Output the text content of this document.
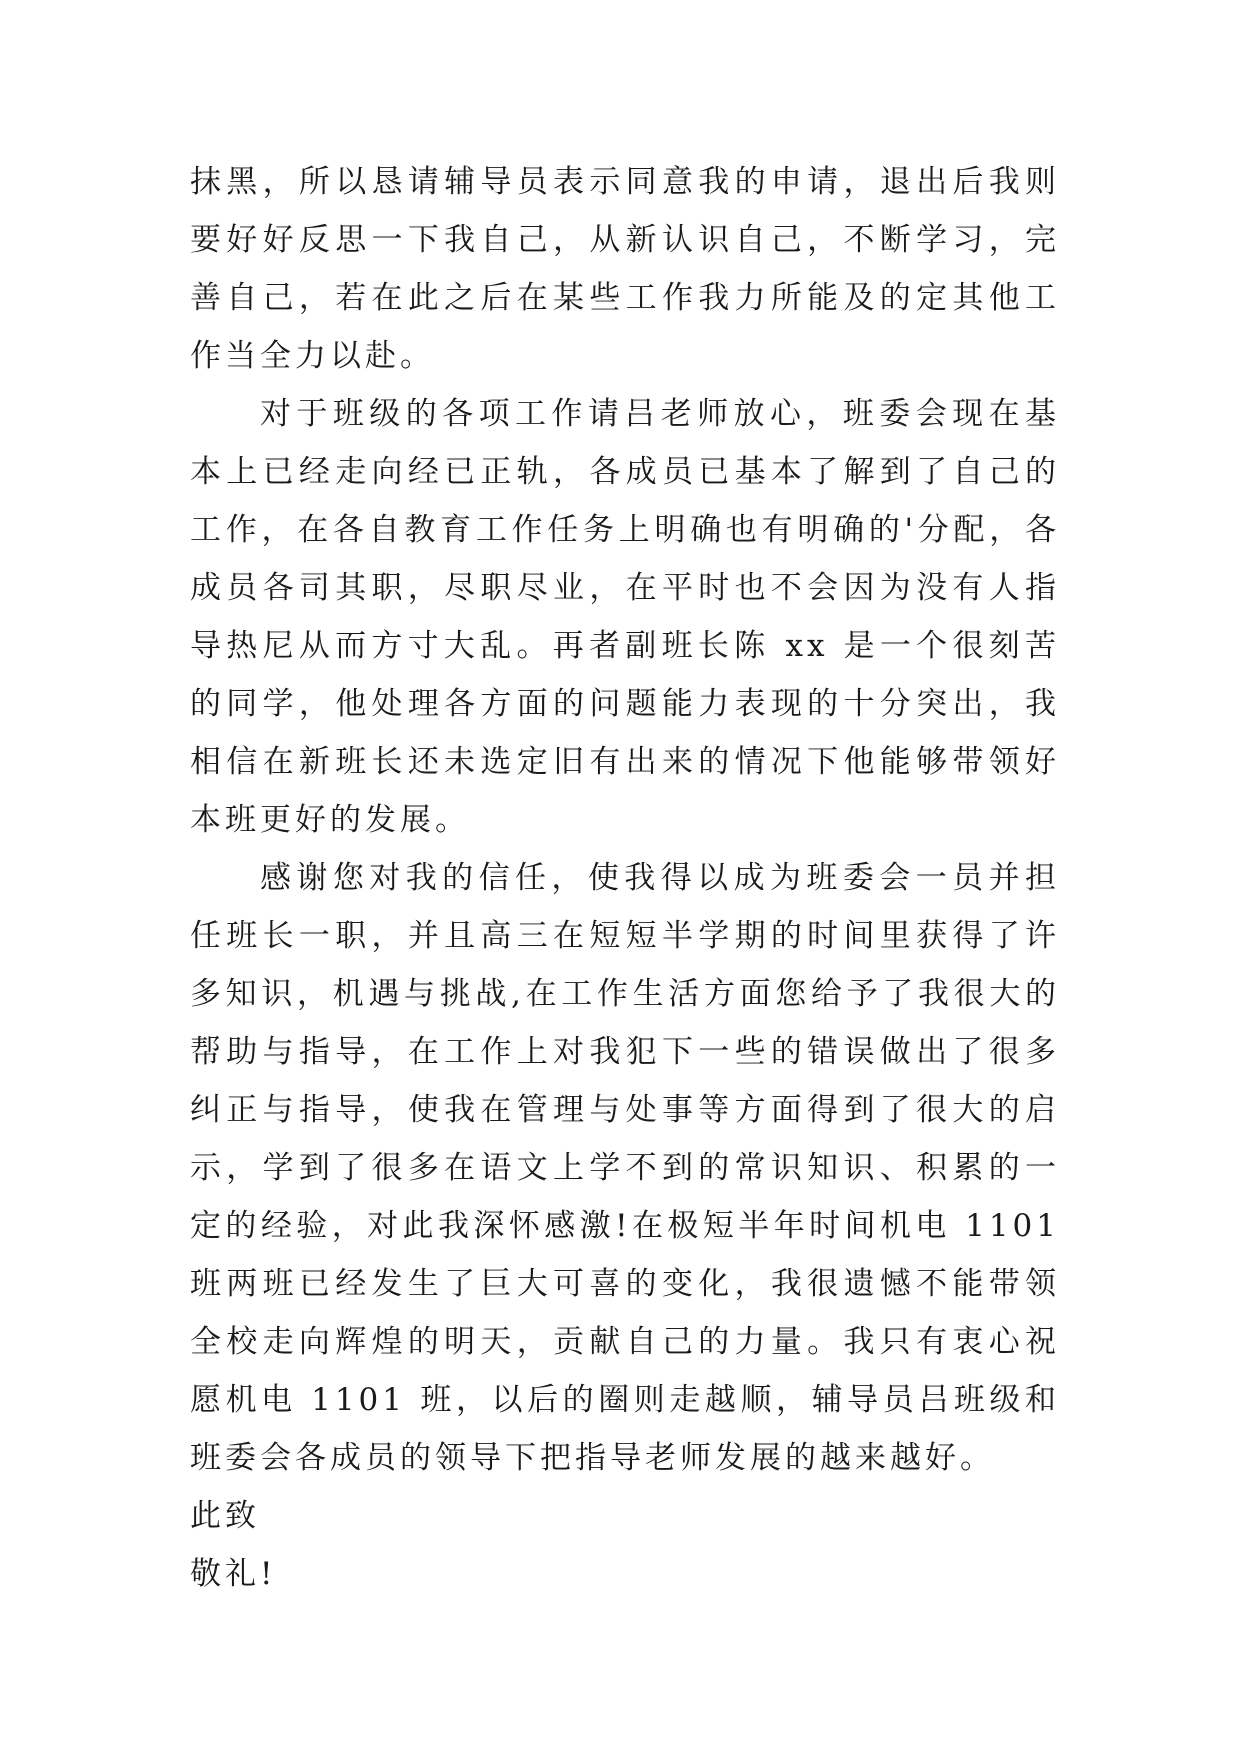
抹黑，所以恳请辅导员表示同意我的申请，退出后我则要好好反思一下我自己，从新认识自己，不断学习，完善自己，若在此之后在某些工作我力所能及的定其他工作当全力以赴。

对于班级的各项工作请吕老师放心，班委会现在基本上已经走向经已正轨，各成员已基本了解到了自己的工作，在各自教育工作任务上明确也有明确的'分配，各成员各司其职，尽职尽业，在平时也不会因为没有人指导热尼从而方寸大乱。再者副班长陈 xx 是一个很刻苦的同学，他处理各方面的问题能力表现的十分突出，我相信在新班长还未选定旧有出来的情况下他能够带领好本班更好的发展。

感谢您对我的信任，使我得以成为班委会一员并担任班长一职，并且高三在短短半学期的时间里获得了许多知识，机遇与挑战,在工作生活方面您给予了我很大的帮助与指导，在工作上对我犯下一些的错误做出了很多纠正与指导，使我在管理与处事等方面得到了很大的启示，学到了很多在语文上学不到的常识知识、积累的一定的经验，对此我深怀感激!在极短半年时间机电 1101 班两班已经发生了巨大可喜的变化，我很遗憾不能带领全校走向辉煌的明天，贡献自己的力量。我只有衷心祝愿机电 1101 班，以后的圈则走越顺，辅导员吕班级和班委会各成员的领导下把指导老师发展的越来越好。

此致

敬礼!
